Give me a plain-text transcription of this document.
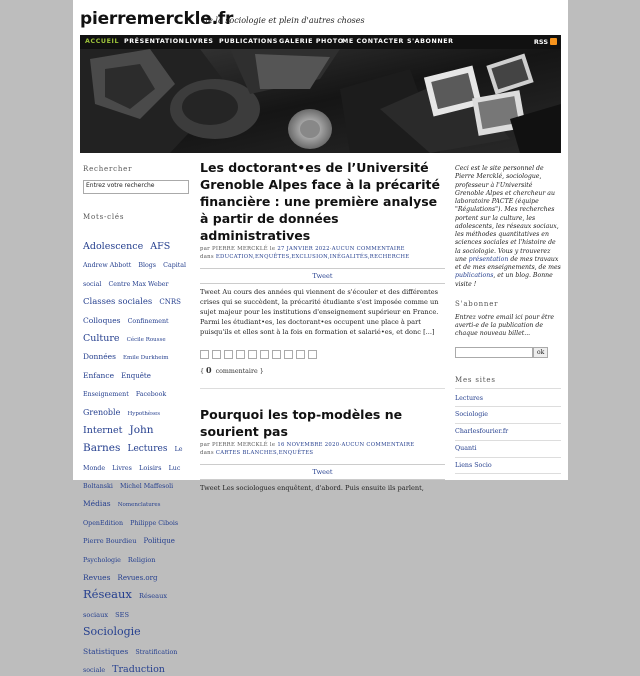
pierremerckle.fr
de la sociologie et plein d'autres choses
ACCUEIL PRÉSENTATION LIVRES PUBLICATIONS GALERIE PHOTO
ME CONTACTER S'ABONNER	RSS
Rechercher
Entrez votre recherche
Mots-clés
Adolescence AFS Andrew Abbott Blogs Capital social Centre Max Weber Classes sociales CNRS Colloques Confinement Culture Cécile Rousse Données Emile Durkheim Enfance Enquête Enseignement Facebook Grenoble Hypothèses Internet John Barnes Lectures Le Monde Livres Loisirs Luc Boltanski Michel Maffesoli Médias Nomenclatures OpenEdition Philippe Cibois Pierre Bourdieu Politique Psychologie Religion Revues Revues.org Réseaux Réseaux sociaux SES Sociologie Statistiques Stratification sociale Traduction
Les doctorant•es de l’Université Grenoble Alpes face à la précarité financière : une première analyse à partir de données administratives
par PIERRE MERCKLÉ le 27 JANVIER 2022·AUCUN COMMENTAIRE
dans EDUCATION,ENQUÊTES,EXCLUSION,INÉGALITÉS,RECHERCHE
Tweet
Tweet Au cours des années qui viennent de s'écouler et des différentes crises qui se succèdent, la précarité étudiante s'est imposée comme un sujet majeur pour les institutions d'enseignement supérieur en France. Parmi les étudiant•es, les doctorant•es occupent une place à part puisqu'ils et elles sont à la fois en formation et salarié•es, et donc [...]
{ 0 commentaire }
Pourquoi les top-modèles ne sourient pas
par PIERRE MERCKLÉ le 16 NOVEMBRE 2020·AUCUN COMMENTAIRE
dans CARTES BLANCHES,ENQUÊTES
Tweet
Tweet Les sociologues enquêtent, d'abord. Puis ensuite ils parlent,
Ceci est le site personnel de Pierre Mercklé, sociologue, professeur à l'Université Grenoble Alpes et chercheur au laboratoire PACTE (équipe "Régulations"). Mes recherches portent sur la culture, les adolescents, les réseaux sociaux, les méthodes quantitatives en sciences sociales et l'histoire de la sociologie. Vous y trouverez une présentation de mes travaux et de mes enseignements, de mes publications, et un blog. Bonne visite !
S'abonner
Entrez votre email ici pour être averti-e de la publication de chaque nouveau billet...
ok
Mes sites
Lectures
Sociologie
Charlesfourier.fr
Quanti
Liens Socio
